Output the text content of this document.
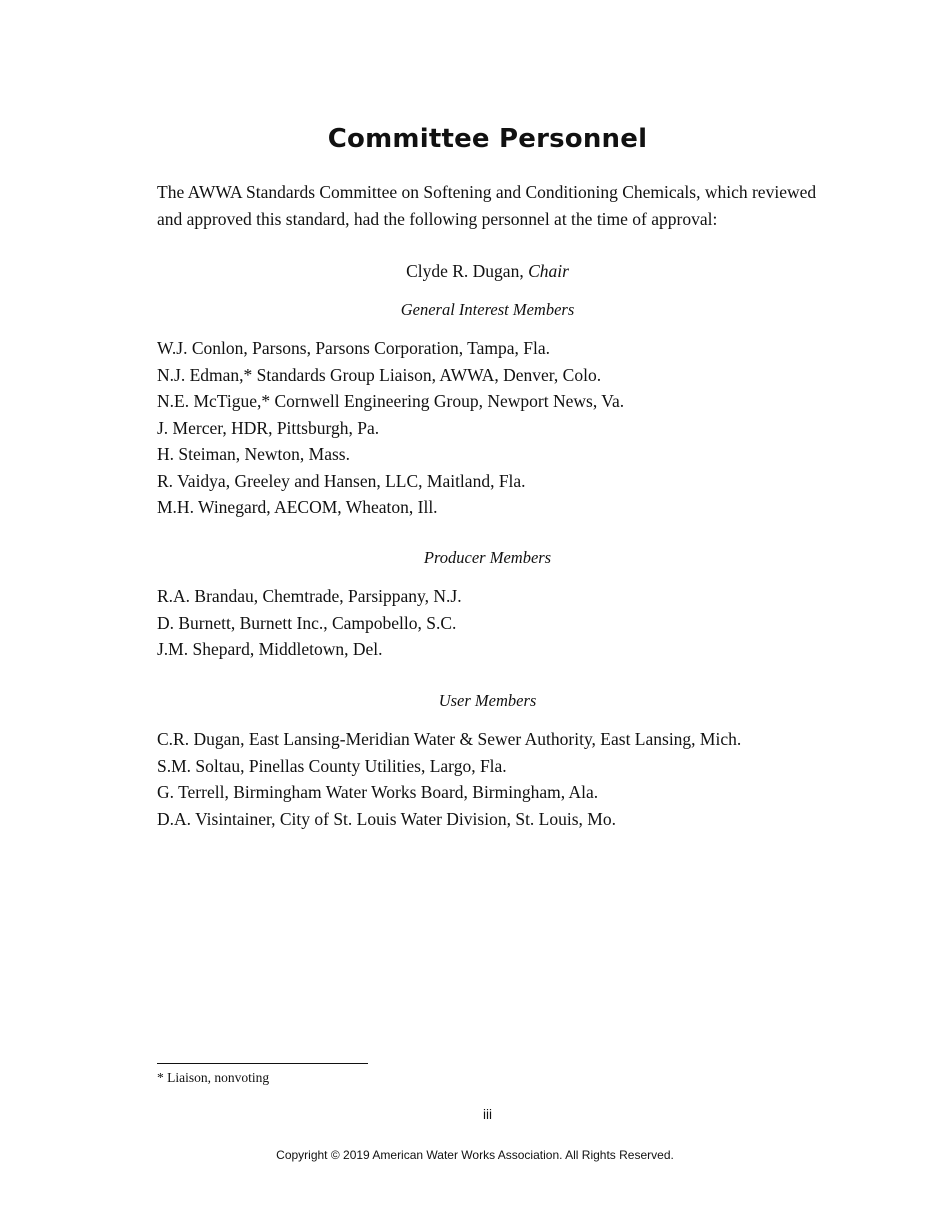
Committee Personnel

The AWWA Standards Committee on Softening and Conditioning Chemicals, which reviewed and approved this standard, had the following personnel at the time of approval:

Clyde R. Dugan, Chair

General Interest Members

W.J. Conlon, Parsons, Parsons Corporation, Tampa, Fla.
N.J. Edman,* Standards Group Liaison, AWWA, Denver, Colo.
N.E. McTigue,* Cornwell Engineering Group, Newport News, Va.
J. Mercer, HDR, Pittsburgh, Pa.
H. Steiman, Newton, Mass.
R. Vaidya, Greeley and Hansen, LLC, Maitland, Fla.
M.H. Winegard, AECOM, Wheaton, Ill.

Producer Members

R.A. Brandau, Chemtrade, Parsippany, N.J.
D. Burnett, Burnett Inc., Campobello, S.C.
J.M. Shepard, Middletown, Del.

User Members

C.R. Dugan, East Lansing-Meridian Water & Sewer Authority, East Lansing, Mich.
S.M. Soltau, Pinellas County Utilities, Largo, Fla.
G. Terrell, Birmingham Water Works Board, Birmingham, Ala.
D.A. Visintainer, City of St. Louis Water Division, St. Louis, Mo.

* Liaison, nonvoting

iii

Copyright © 2019 American Water Works Association. All Rights Reserved.
